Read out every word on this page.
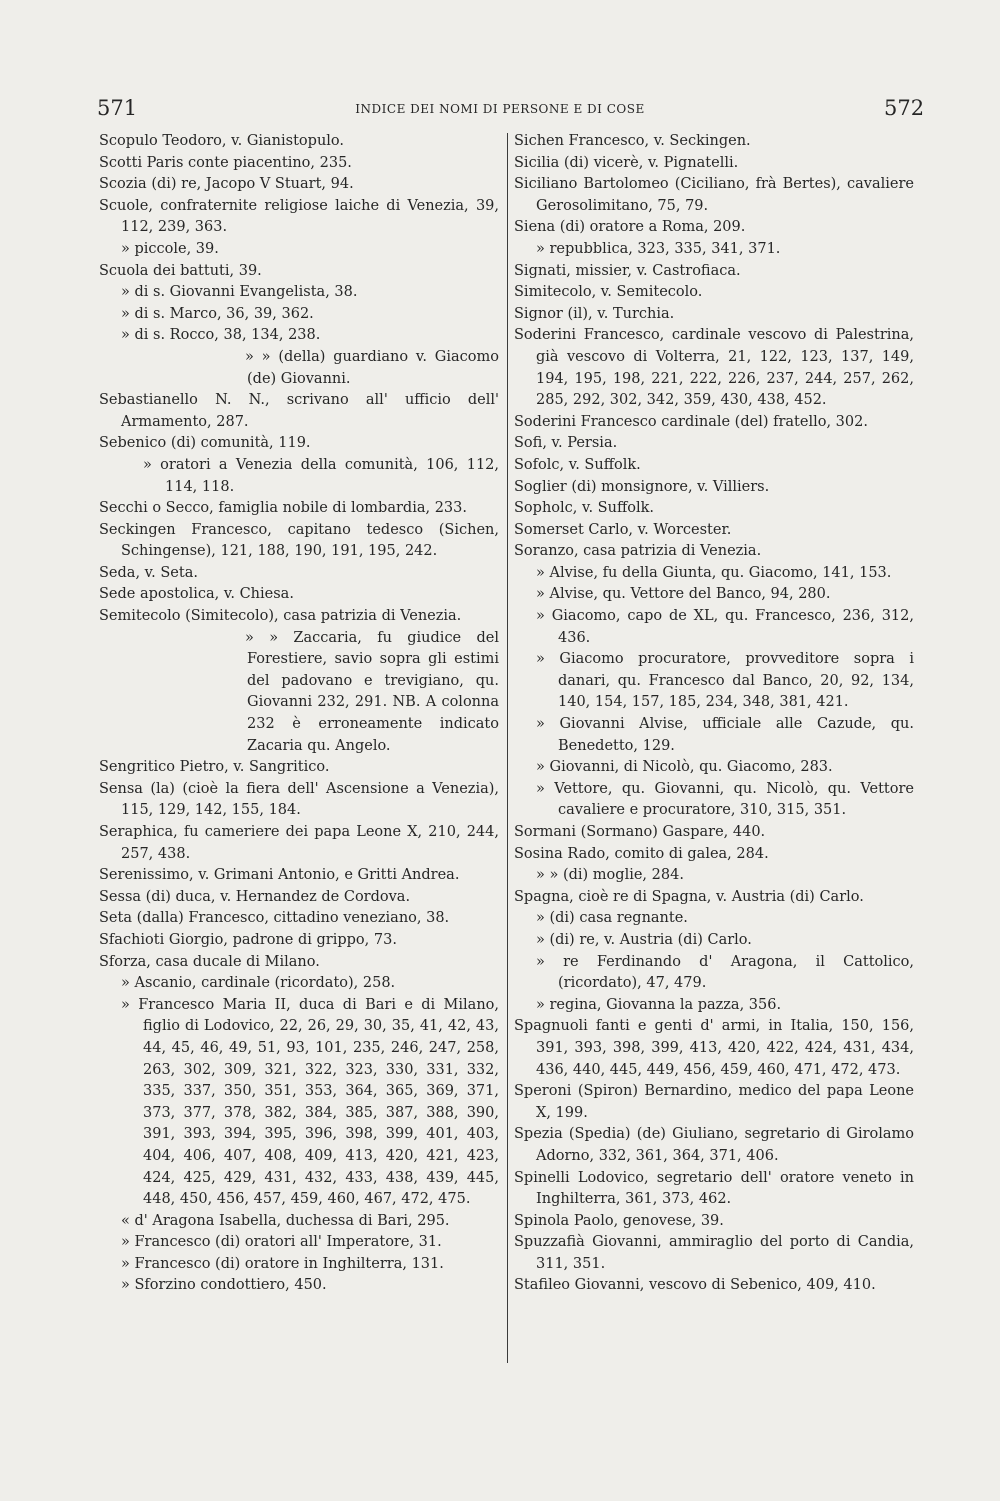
571	INDICE DEI NOMI DI PERSONE E DI COSE	572
Scopulo Teodoro, v. Gianistopulo.
Scotti Paris conte piacentino, 235.
Scozia (di) re, Jacopo V Stuart, 94.
Scuole, confraternite religiose laiche di Venezia, 39, 112, 239, 363.
» piccole, 39.
Scuola dei battuti, 39.
» di s. Giovanni Evangelista, 38.
» di s. Marco, 36, 39, 362.
» di s. Rocco, 38, 134, 238.
» » (della) guardiano v. Giacomo (de) Giovanni.
Sebastianello N. N., scrivano all' ufficio dell' Armamento, 287.
Sebenico (di) comunità, 119.
» oratori a Venezia della comunità, 106, 112, 114, 118.
Secchi o Secco, famiglia nobile di lombardia, 233.
Seckingen Francesco, capitano tedesco (Sichen, Schingense), 121, 188, 190, 191, 195, 242.
Seda, v. Seta.
Sede apostolica, v. Chiesa.
Semitecolo (Simitecolo), casa patrizia di Venezia.
» » Zaccaria, fu giudice del Forestiere, savio sopra gli estimi del padovano e trevigiano, qu. Giovanni 232, 291. NB. A colonna 232 è erroneamente indicato Zacaria qu. Angelo.
Sengritico Pietro, v. Sangritico.
Sensa (la) (cioè la fiera dell' Ascensione a Venezia), 115, 129, 142, 155, 184.
Seraphica, fu cameriere dei papa Leone X, 210, 244, 257, 438.
Serenissimo, v. Grimani Antonio, e Gritti Andrea.
Sessa (di) duca, v. Hernandez de Cordova.
Seta (dalla) Francesco, cittadino veneziano, 38.
Sfachioti Giorgio, padrone di grippo, 73.
Sforza, casa ducale di Milano.
» Ascanio, cardinale (ricordato), 258.
» Francesco Maria II, duca di Bari e di Milano, figlio di Lodovico, 22, 26, 29, 30, 35, 41, 42, 43, 44, 45, 46, 49, 51, 93, 101, 235, 246, 247, 258, 263, 302, 309, 321, 322, 323, 330, 331, 332, 335, 337, 350, 351, 353, 364, 365, 369, 371, 373, 377, 378, 382, 384, 385, 387, 388, 390, 391, 393, 394, 395, 396, 398, 399, 401, 403, 404, 406, 407, 408, 409, 413, 420, 421, 423, 424, 425, 429, 431, 432, 433, 438, 439, 445, 448, 450, 456, 457, 459, 460, 467, 472, 475.
« d' Aragona Isabella, duchessa di Bari, 295.
» Francesco (di) oratori all' Imperatore, 31.
» Francesco (di) oratore in Inghilterra, 131.
» Sforzino condottiero, 450.
Sichen Francesco, v. Seckingen.
Sicilia (di) vicerè, v. Pignatelli.
Siciliano Bartolomeo (Ciciliano, frà Bertes), cavaliere Gerosolimitano, 75, 79.
Siena (di) oratore a Roma, 209.
» repubblica, 323, 335, 341, 371.
Signati, missier, v. Castrofiaca.
Simitecolo, v. Semitecolo.
Signor (il), v. Turchia.
Soderini Francesco, cardinale vescovo di Palestrina, già vescovo di Volterra, 21, 122, 123, 137, 149, 194, 195, 198, 221, 222, 226, 237, 244, 257, 262, 285, 292, 302, 342, 359, 430, 438, 452.
Soderini Francesco cardinale (del) fratello, 302.
Sofi, v. Persia.
Sofolc, v. Suffolk.
Soglier (di) monsignore, v. Villiers.
Sopholc, v. Suffolk.
Somerset Carlo, v. Worcester.
Soranzo, casa patrizia di Venezia.
» Alvise, fu della Giunta, qu. Giacomo, 141, 153.
» Alvise, qu. Vettore del Banco, 94, 280.
» Giacomo, capo de XL, qu. Francesco, 236, 312, 436.
» Giacomo procuratore, provveditore sopra i danari, qu. Francesco dal Banco, 20, 92, 134, 140, 154, 157, 185, 234, 348, 381, 421.
» Giovanni Alvise, ufficiale alle Cazude, qu. Benedetto, 129.
» Giovanni, di Nicolò, qu. Giacomo, 283.
» Vettore, qu. Giovanni, qu. Nicolò, qu. Vettore cavaliere e procuratore, 310, 315, 351.
Sormani (Sormano) Gaspare, 440.
Sosina Rado, comito di galea, 284.
» » (di) moglie, 284.
Spagna, cioè re di Spagna, v. Austria (di) Carlo.
» (di) casa regnante.
» (di) re, v. Austria (di) Carlo.
» re Ferdinando d' Aragona, il Cattolico, (ricordato), 47, 479.
» regina, Giovanna la pazza, 356.
Spagnuoli fanti e genti d' armi, in Italia, 150, 156, 391, 393, 398, 399, 413, 420, 422, 424, 431, 434, 436, 440, 445, 449, 456, 459, 460, 471, 472, 473.
Speroni (Spiron) Bernardino, medico del papa Leone X, 199.
Spezia (Spedia) (de) Giuliano, segretario di Girolamo Adorno, 332, 361, 364, 371, 406.
Spinelli Lodovico, segretario dell' oratore veneto in Inghilterra, 361, 373, 462.
Spinola Paolo, genovese, 39.
Spuzzafià Giovanni, ammiraglio del porto di Candia, 311, 351.
Stafileo Giovanni, vescovo di Sebenico, 409, 410.
